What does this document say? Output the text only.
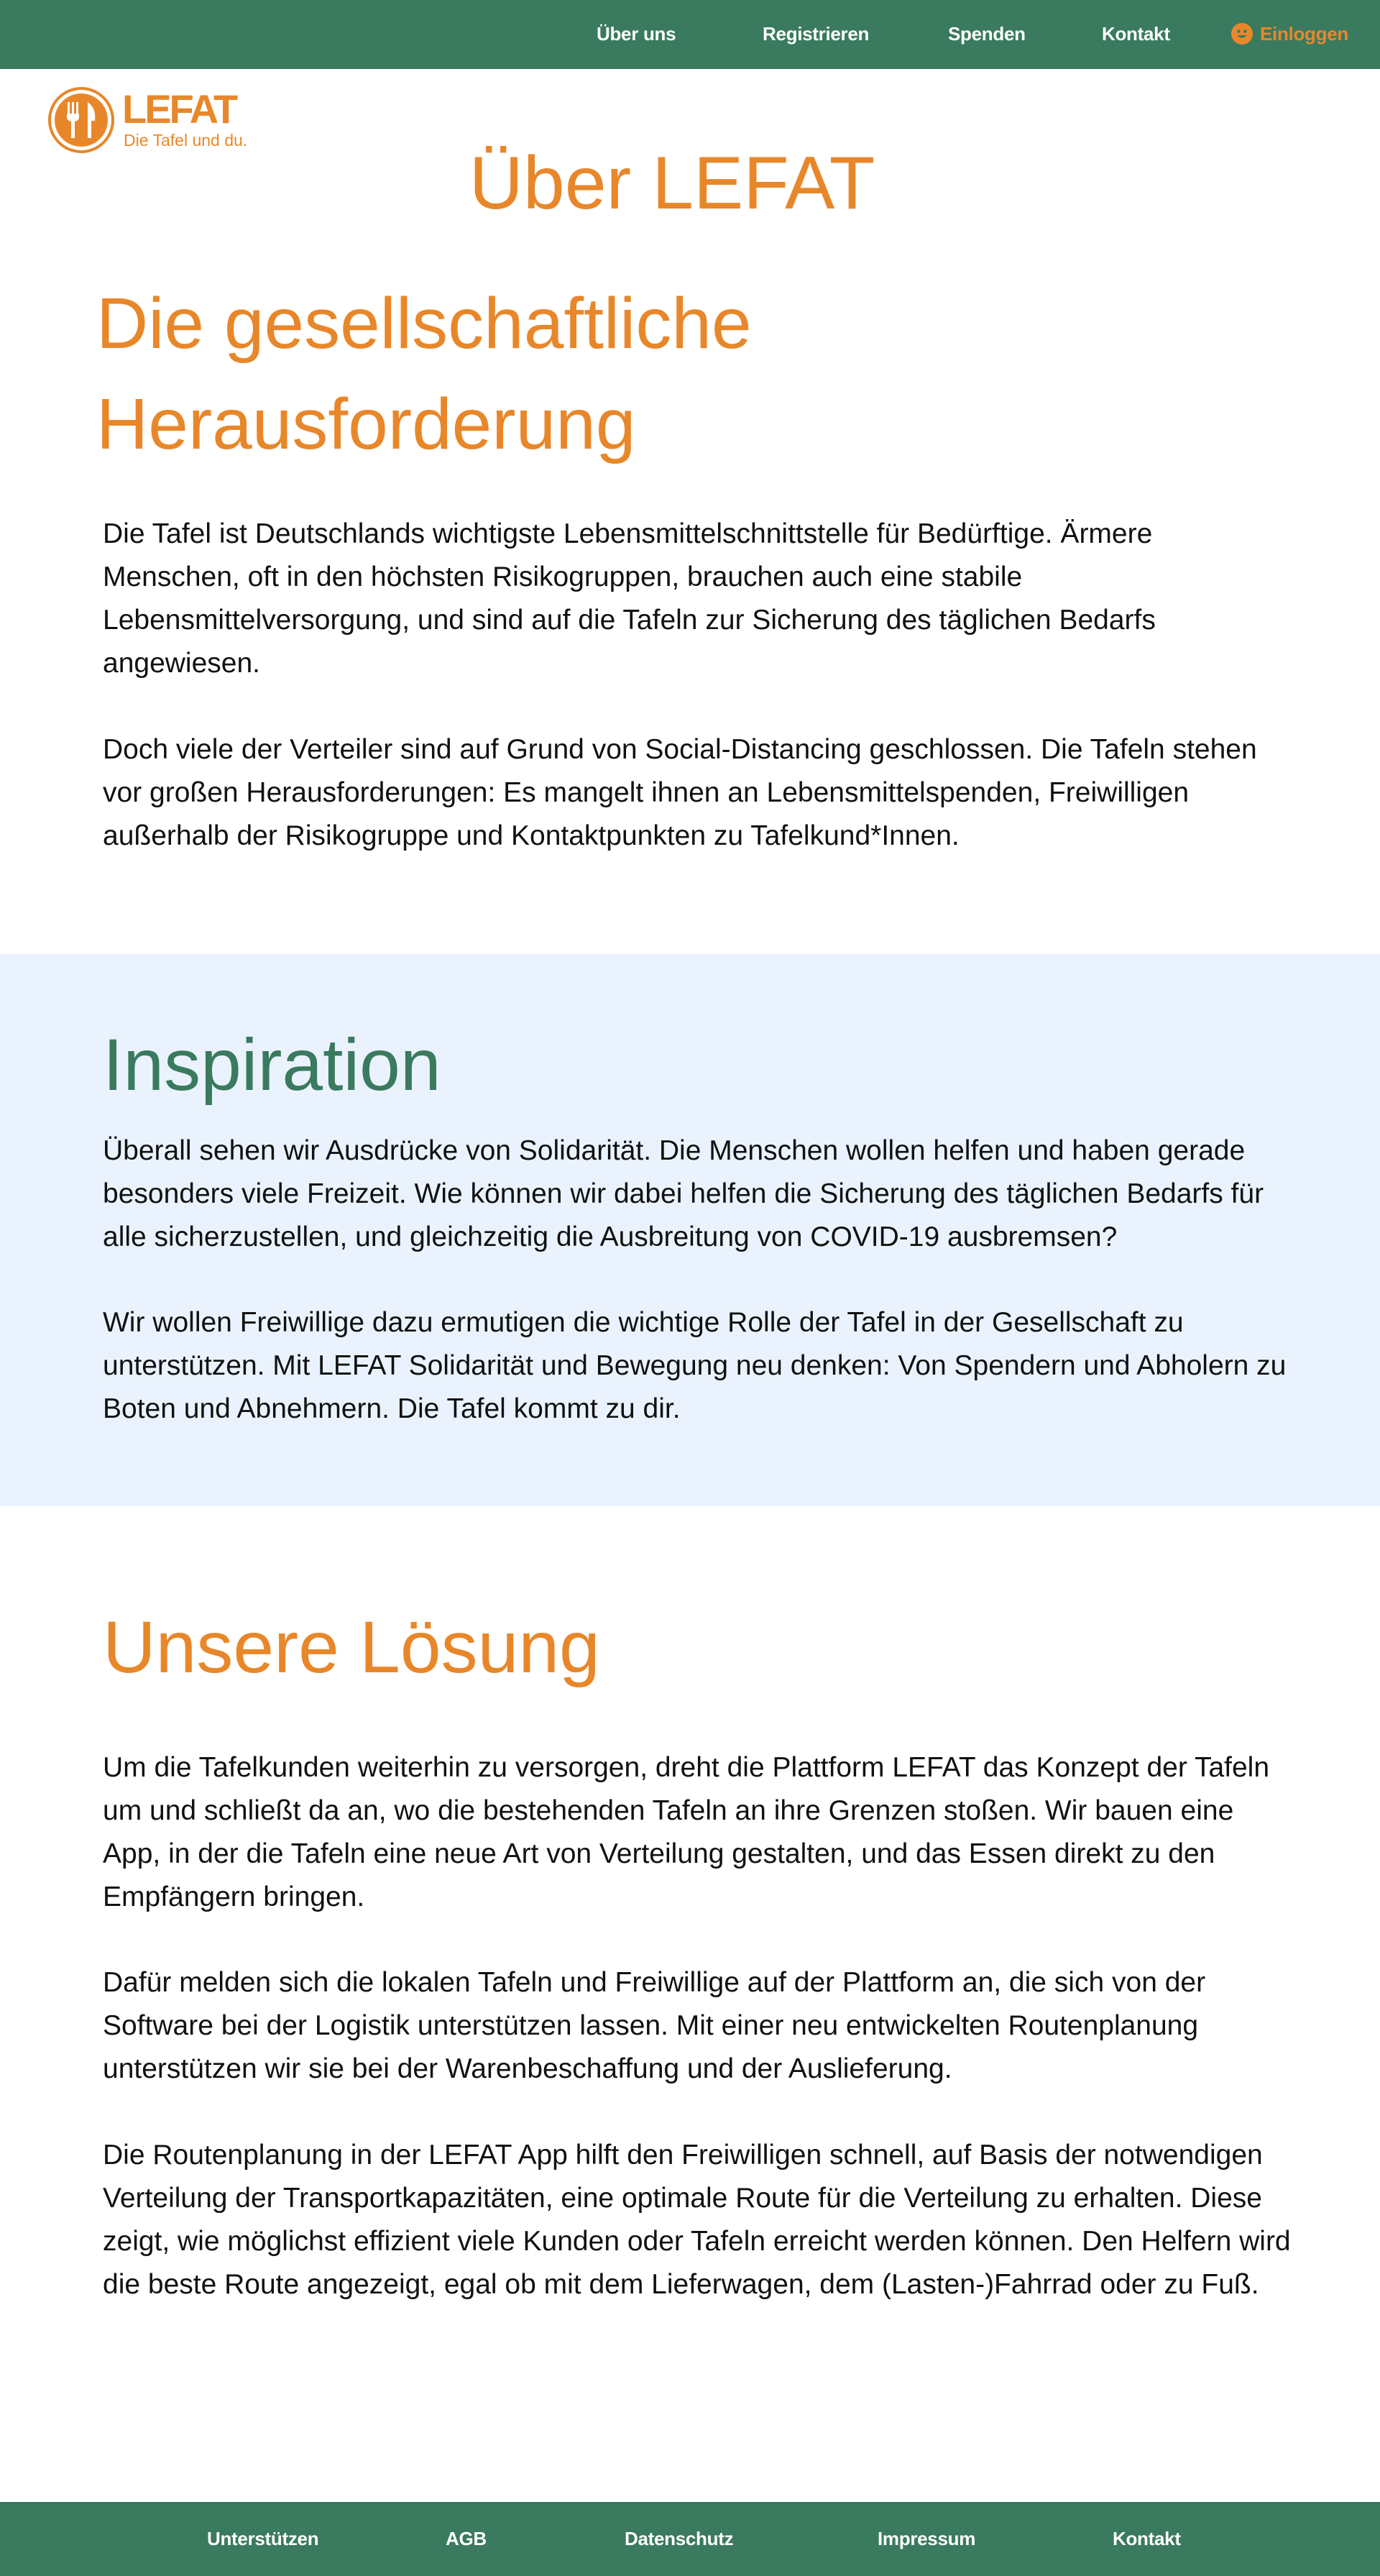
Über uns	Registrieren	Spenden	Kontakt	Einloggen
LEFAT
Die Tafel und du.
Über LEFAT
Die gesellschaftliche
Herausforderung

Die Tafel ist Deutschlands wichtigste Lebensmittelschnittstelle für Bedürftige. Ärmere Menschen, oft in den höchsten Risikogruppen, brauchen auch eine stabile Lebensmittelversorgung, und sind auf die Tafeln zur Sicherung des täglichen Bedarfs angewiesen.

Doch viele der Verteiler sind auf Grund von Social-Distancing geschlossen. Die Tafeln stehen vor großen Herausforderungen: Es mangelt ihnen an Lebensmittelspenden, Freiwilligen außerhalb der Risikogruppe und Kontaktpunkten zu Tafelkund*Innen.

Inspiration

Überall sehen wir Ausdrücke von Solidarität. Die Menschen wollen helfen und haben gerade besonders viele Freizeit. Wie können wir dabei helfen die Sicherung des täglichen Bedarfs für alle sicherzustellen, und gleichzeitig die Ausbreitung von COVID-19 ausbremsen?

Wir wollen Freiwillige dazu ermutigen die wichtige Rolle der Tafel in der Gesellschaft zu unterstützen. Mit LEFAT Solidarität und Bewegung neu denken: Von Spendern und Abholern zu Boten und Abnehmern. Die Tafel kommt zu dir.

Unsere Lösung

Um die Tafelkunden weiterhin zu versorgen, dreht die Plattform LEFAT das Konzept der Tafeln um und schließt da an, wo die bestehenden Tafeln an ihre Grenzen stoßen. Wir bauen eine App, in der die Tafeln eine neue Art von Verteilung gestalten, und das Essen direkt zu den Empfängern bringen.

Dafür melden sich die lokalen Tafeln und Freiwillige auf der Plattform an, die sich von der Software bei der Logistik unterstützen lassen. Mit einer neu entwickelten Routenplanung unterstützen wir sie bei der Warenbeschaffung und der Auslieferung.

Die Routenplanung in der LEFAT App hilft den Freiwilligen schnell, auf Basis der notwendigen Verteilung der Transportkapazitäten, eine optimale Route für die Verteilung zu erhalten. Diese zeigt, wie möglichst effizient viele Kunden oder Tafeln erreicht werden können. Den Helfern wird die beste Route angezeigt, egal ob mit dem Lieferwagen, dem (Lasten-)Fahrrad oder zu Fuß.

Unterstützen	AGB	Datenschutz	Impressum	Kontakt
